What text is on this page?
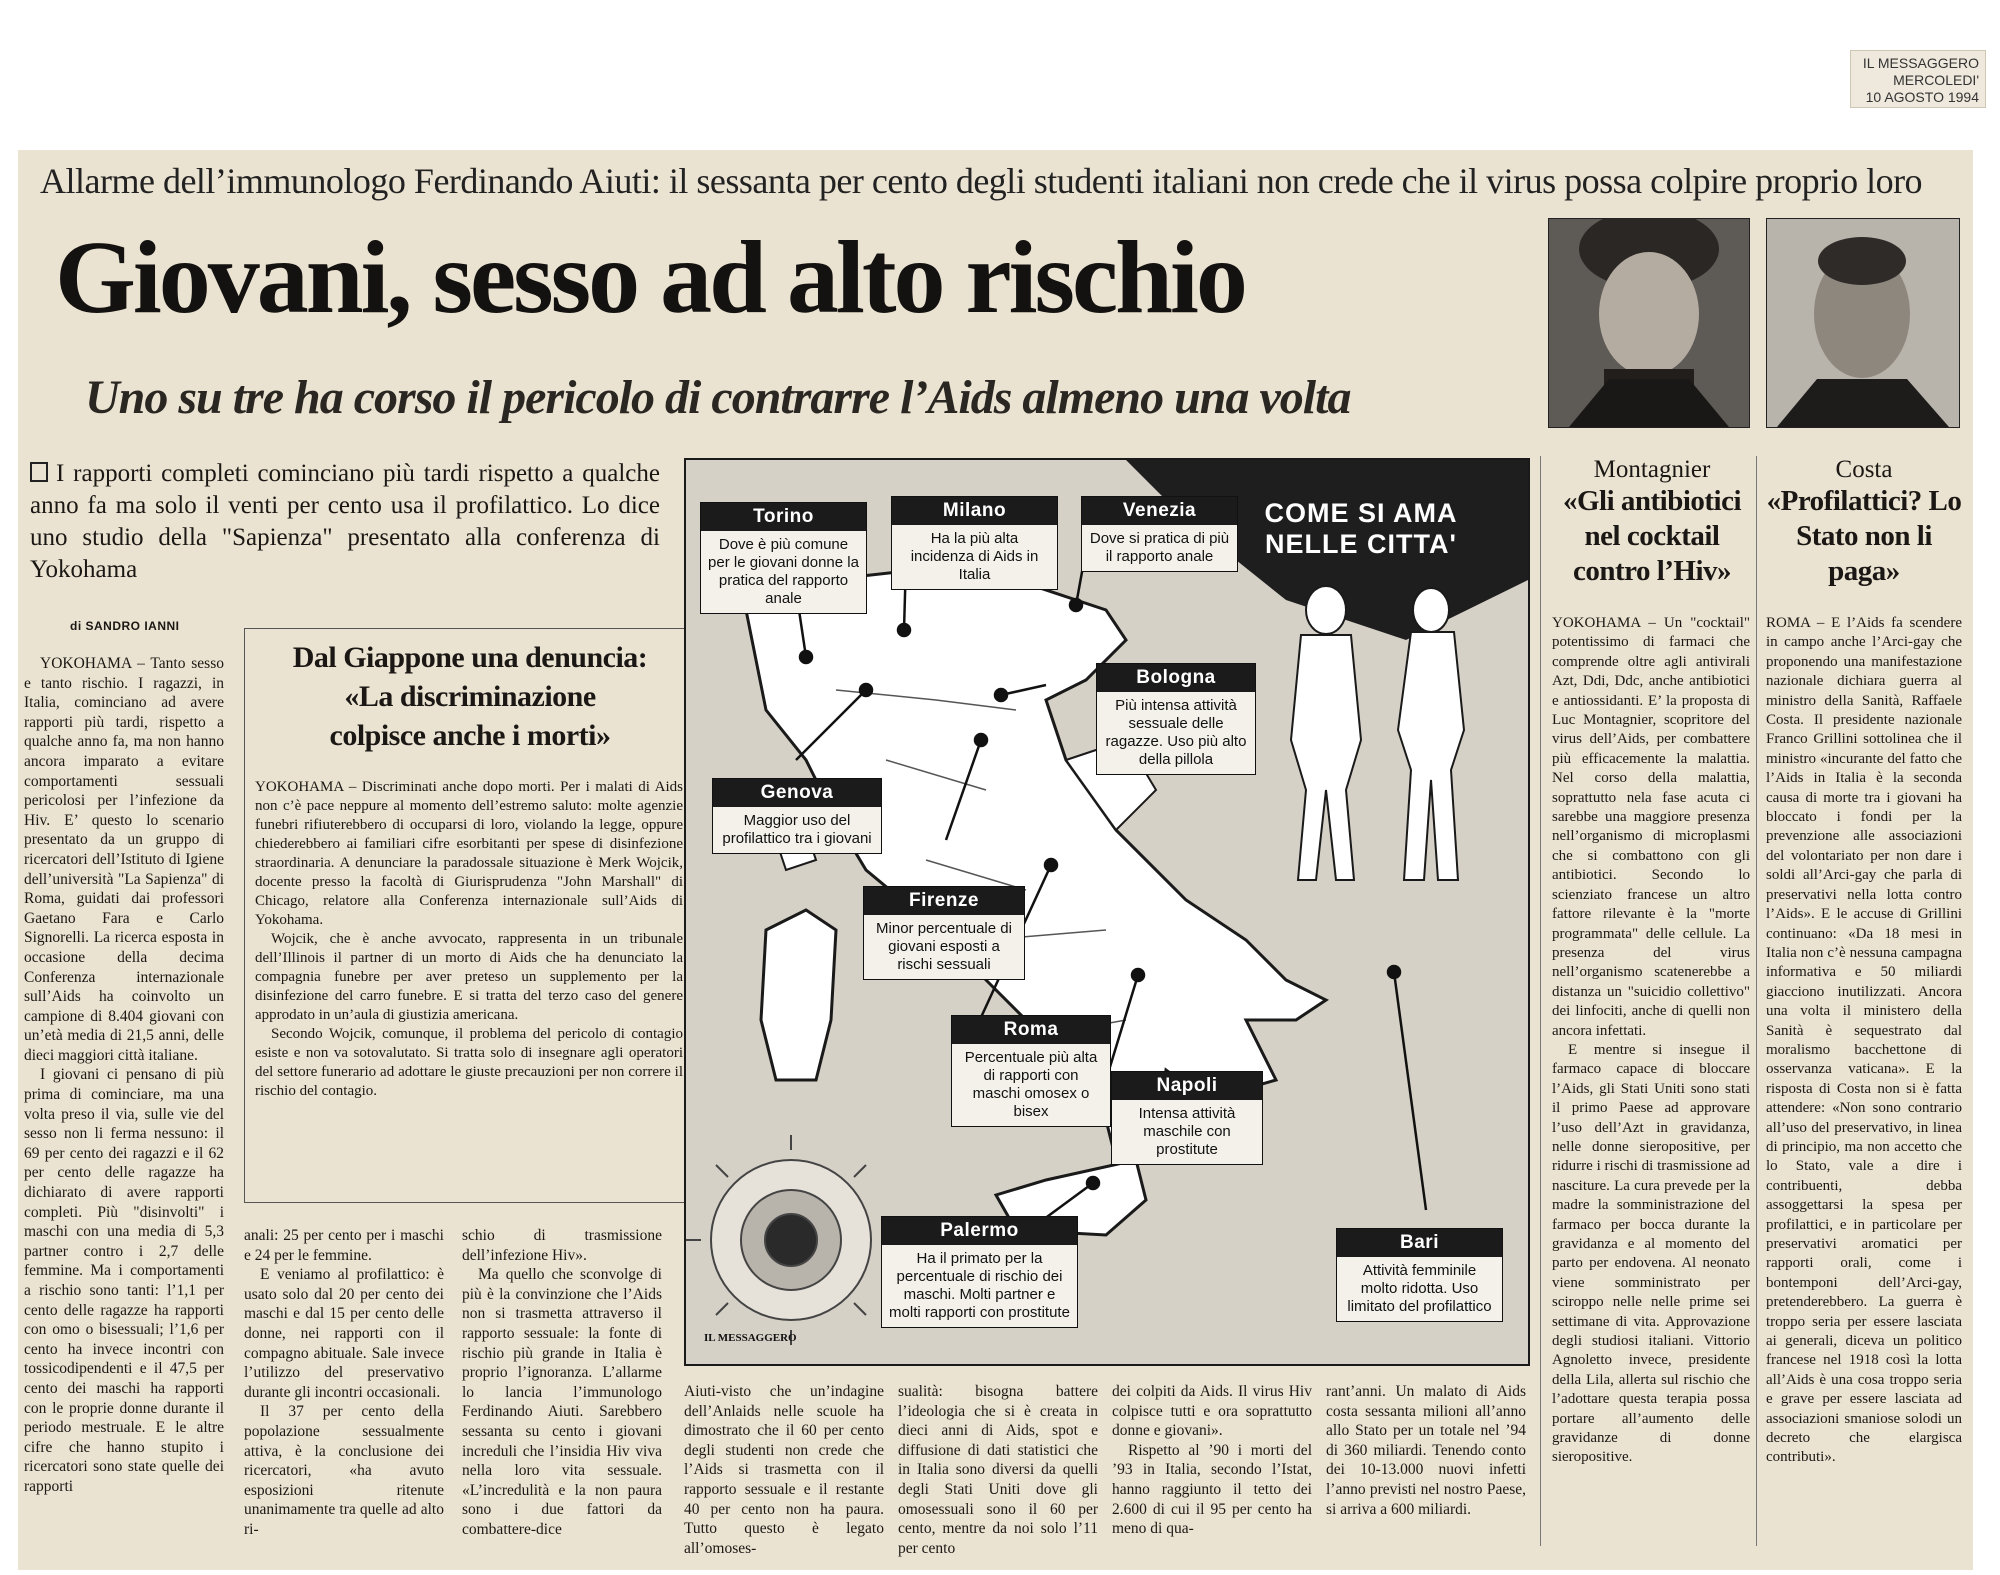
IL MESSAGGERO
MERCOLEDI'
10 AGOSTO 1994
Allarme dell’immunologo Ferdinando Aiuti: il sessanta per cento degli studenti italiani non crede che il virus possa colpire proprio loro
Giovani, sesso ad alto rischio
Uno su tre ha corso il pericolo di contrarre l’Aids almeno una volta
I rapporti completi cominciano più tardi rispetto a qualche anno fa ma solo il venti per cento usa il profilattico. Lo dice uno studio della "Sapienza" presentato alla conferenza di Yokohama
di SANDRO IANNI

YOKOHAMA – Tanto sesso e tanto rischio. I ragazzi, in Italia, cominciano ad avere rapporti più tardi, rispetto a qualche anno fa, ma non hanno ancora imparato a evitare comportamenti sessuali pericolosi per l’infezione da Hiv. E’ questo lo scenario presentato da un gruppo di ricercatori dell’Istituto di Igiene dell’università "La Sapienza" di Roma, guidati dai professori Gaetano Fara e Carlo Signorelli. La ricerca esposta in occasione della decima Conferenza internazionale sull’Aids ha coinvolto un campione di 8.404 giovani con un’età media di 21,5 anni, delle dieci maggiori città italiane.

I giovani ci pensano di più prima di cominciare, ma una volta preso il via, sulle vie del sesso non li ferma nessuno: il 69 per cento dei ragazzi e il 62 per cento delle ragazze ha dichiarato di avere rapporti completi. Più "disinvolti" i maschi con una media di 5,3 partner contro i 2,7 delle femmine. Ma i comportamenti a rischio sono tanti: l’1,1 per cento delle ragazze ha rapporti con omo o bisessuali; l’1,6 per cento ha invece incontri con tossicodipendenti e il 47,5 per cento dei maschi ha rapporti con le proprie donne durante il periodo mestruale. E le altre cifre che hanno stupito i ricercatori sono state quelle dei rapporti

Dal Giappone una denuncia:
«La discriminazione
colpisce anche i morti»

YOKOHAMA – Discriminati anche dopo morti. Per i malati di Aids non c’è pace neppure al momento dell’estremo saluto: molte agenzie funebri rifiuterebbero di occuparsi di loro, violando la legge, oppure chiederebbero ai familiari cifre esorbitanti per spese di disinfezione straordinaria. A denunciare la paradossale situazione è Merk Wojcik, docente presso la facoltà di Giurisprudenza "John Marshall" di Chicago, relatore alla Conferenza internazionale sull’Aids di Yokohama.

Wojcik, che è anche avvocato, rappresenta in un tribunale dell’Illinois il partner di un morto di Aids che ha denunciato la compagnia funebre per aver preteso un supplemento per la disinfezione del carro funebre. E si tratta del terzo caso del genere approdato in un’aula di giustizia americana.

Secondo Wojcik, comunque, il problema del pericolo di contagio esiste e non va sotovalutato. Si tratta solo di insegnare agli operatori del settore funerario ad adottare le giuste precauzioni per non correre il rischio del contagio.

anali: 25 per cento per i maschi e 24 per le femmine.

E veniamo al profilattico: è usato solo dal 20 per cento dei maschi e dal 15 per cento delle donne, nei rapporti con il compagno abituale. Sale invece l’utilizzo del preservativo durante gli incontri occasionali.

Il 37 per cento della popolazione sessualmente attiva, è la conclusione dei ricercatori, «ha avuto esposizioni ritenute unanimamente tra quelle ad alto ri-

schio di trasmissione dell’infezione Hiv».

Ma quello che sconvolge di più è la convinzione che l’Aids non si trasmetta attraverso il rapporto sessuale: la fonte di rischio più grande in Italia è proprio l’ignoranza. L’allarme lo lancia l’immunologo Ferdinando Aiuti. Sarebbero sessanta su cento i giovani increduli che l’insidia Hiv viva nella loro vita sessuale. «L’incredulità e la non paura sono i due fattori da combattere-dice

COME SI AMA NELLE CITTA'
IL MESSAGGERO
Torino
Dove è più comune per le giovani donne la pratica del rapporto anale
Milano
Ha la più alta incidenza di Aids in Italia
Venezia
Dove si pratica di più il rapporto anale
Bologna
Più intensa attività sessuale delle ragazze. Uso più alto della pillola
Genova
Maggior uso del profilattico tra i giovani
Firenze
Minor percentuale di giovani esposti a rischi sessuali
Roma
Percentuale più alta di rapporti con maschi omosex o bisex
Napoli
Intensa attività maschile con prostitute
Palermo
Ha il primato per la percentuale di rischio dei maschi. Molti partner e molti rapporti con prostitute
Bari
Attività femminile molto ridotta. Uso limitato del profilattico

Aiuti-visto che un’indagine dell’Anlaids nelle scuole ha dimostrato che il 60 per cento degli studenti non crede che l’Aids si trasmetta con il rapporto sessuale e il restante 40 per cento non ha paura. Tutto questo è legato all’omoses-

sualità: bisogna battere l’ideologia che si è creata in dieci anni di Aids, spot e diffusione di dati statistici che in Italia sono diversi da quelli degli Stati Uniti dove gli omosessuali sono il 60 per cento, mentre da noi solo l’11 per cento

dei colpiti da Aids. Il virus Hiv colpisce tutti e ora soprattutto donne e giovani».

Rispetto al ’90 i morti del ’93 in Italia, secondo l’Istat, hanno raggiunto il tetto dei 2.600 di cui il 95 per cento ha meno di qua-

rant’anni. Un malato di Aids costa sessanta milioni all’anno allo Stato per un totale nel ’94 di 360 miliardi. Tenendo conto dei 10-13.000 nuovi infetti l’anno previsti nel nostro Paese, si arriva a 600 miliardi.

Montagnier
«Gli antibiotici nel cocktail contro l’Hiv»

YOKOHAMA – Un "cocktail" potentissimo di farmaci che comprende oltre agli antivirali Azt, Ddi, Ddc, anche antibiotici e antiossidanti. E’ la proposta di Luc Montagnier, scopritore del virus dell’Aids, per combattere più efficacemente la malattia. Nel corso della malattia, soprattutto nela fase acuta ci sarebbe una maggiore presenza nell’organismo di microplasmi che si combattono con gli antibiotici. Secondo lo scienziato francese un altro fattore rilevante è la "morte programmata" delle cellule. La presenza del virus nell’organismo scatenerebbe a distanza un "suicidio collettivo" dei linfociti, anche di quelli non ancora infettati.

E mentre si insegue il farmaco capace di bloccare l’Aids, gli Stati Uniti sono stati il primo Paese ad approvare l’uso dell’Azt in gravidanza, nelle donne sieropositive, per ridurre i rischi di trasmissione ad nasciture. La cura prevede per la madre la somministrazione del farmaco per bocca durante la gravidanza e al momento del parto per endovena. Al neonato viene somministrato per sciroppo nelle nelle prime sei settimane di vita. Approvazione degli studiosi italiani. Vittorio Agnoletto invece, presidente della Lila, allerta sul rischio che l’adottare questa terapia possa portare all’aumento delle gravidanze di donne sieropositive.

Costa
«Profilattici? Lo Stato non li paga»

ROMA – E l’Aids fa scendere in campo anche l’Arci-gay che proponendo una manifestazione nazionale dichiara guerra al ministro della Sanità, Raffaele Costa. Il presidente nazionale Franco Grillini sottolinea che il ministro «incurante del fatto che l’Aids in Italia è la seconda causa di morte tra i giovani ha bloccato i fondi per la prevenzione alle associazioni del volontariato per non dare i soldi all’Arci-gay che parla di preservativi nella lotta contro l’Aids». E le accuse di Grillini continuano: «Da 18 mesi in Italia non c’è nessuna campagna informativa e 50 miliardi giacciono inutilizzati. Ancora una volta il ministero della Sanità è sequestrato dal moralismo bacchettone di osservanza vaticana». E la risposta di Costa non si è fatta attendere: «Non sono contrario all’uso del preservativo, in linea di principio, ma non accetto che lo Stato, vale a dire i contribuenti, debba assoggettarsi la spesa per profilattici, e in particolare per preservativi aromatici per rapporti orali, come i bontemponi dell’Arci-gay, pretenderebbero. La guerra è troppo seria per essere lasciata ai generali, diceva un politico francese nel 1918 così la lotta all’Aids è una cosa troppo seria e grave per essere lasciata ad associazioni smaniose solodi un decreto che elargisca contributi».
